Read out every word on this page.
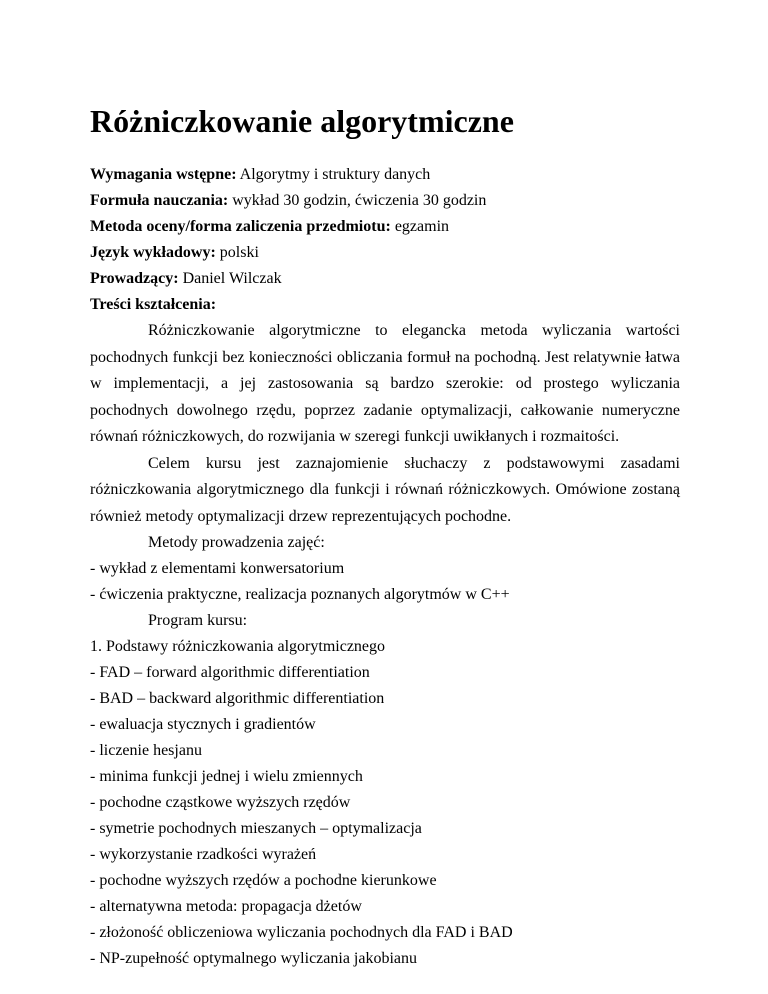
Różniczkowanie algorytmiczne

Wymagania wstępne: Algorytmy i struktury danych

Formuła nauczania: wykład 30 godzin, ćwiczenia 30 godzin

Metoda oceny/forma zaliczenia przedmiotu: egzamin

Język wykładowy: polski

Prowadzący: Daniel Wilczak

Treści kształcenia:

Różniczkowanie algorytmiczne to elegancka metoda wyliczania wartości pochodnych funkcji bez konieczności obliczania formuł na pochodną. Jest relatywnie łatwa w implementacji, a jej zastosowania są bardzo szerokie: od prostego wyliczania pochodnych dowolnego rzędu, poprzez zadanie optymalizacji, całkowanie numeryczne równań różniczkowych, do rozwijania w szeregi funkcji uwikłanych i rozmaitości.

Celem kursu jest zaznajomienie słuchaczy z podstawowymi zasadami różniczkowania algorytmicznego dla funkcji i równań różniczkowych. Omówione zostaną również metody optymalizacji drzew reprezentujących pochodne.

Metody prowadzenia zajęć:

- wykład z elementami konwersatorium

- ćwiczenia praktyczne, realizacja poznanych algorytmów w C++

Program kursu:

1. Podstawy różniczkowania algorytmicznego

- FAD – forward algorithmic differentiation

- BAD – backward algorithmic differentiation

- ewaluacja stycznych i gradientów

- liczenie hesjanu

- minima funkcji jednej i wielu zmiennych

- pochodne cząstkowe wyższych rzędów

- symetrie pochodnych mieszanych – optymalizacja

- wykorzystanie rzadkości wyrażeń

- pochodne wyższych rzędów a pochodne kierunkowe

- alternatywna metoda: propagacja dżetów

- złożoność obliczeniowa wyliczania pochodnych dla FAD i BAD

- NP-zupełność optymalnego wyliczania jakobianu
